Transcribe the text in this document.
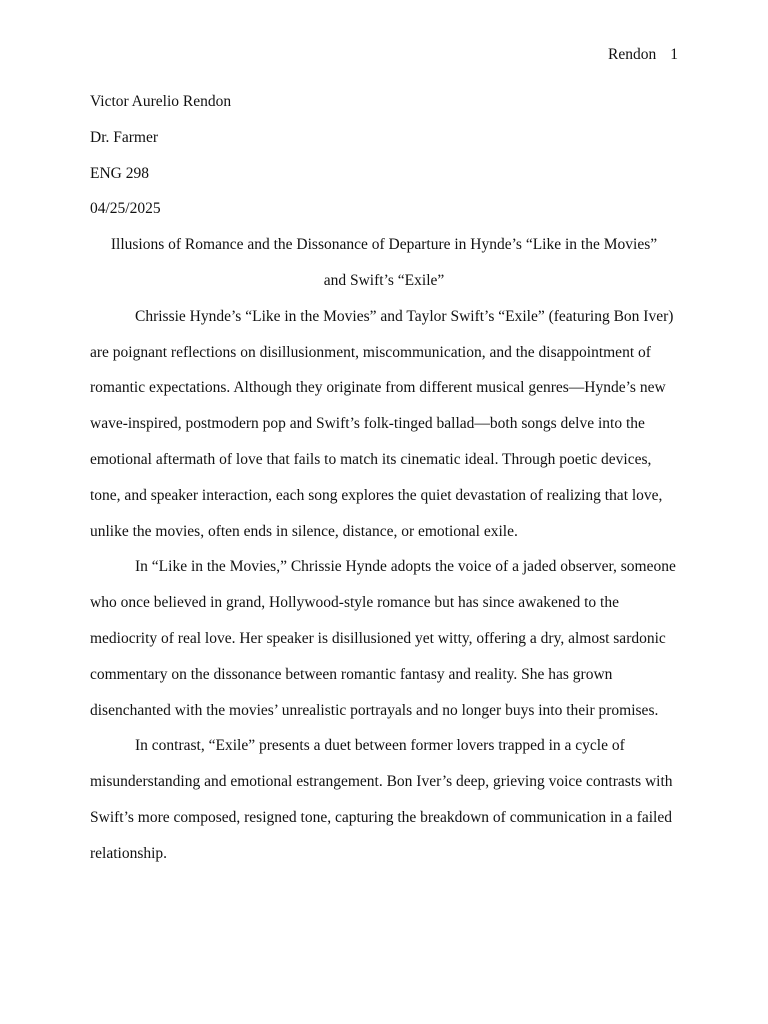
Rendon 1

Victor Aurelio Rendon

Dr. Farmer

ENG 298

04/25/2025

Illusions of Romance and the Dissonance of Departure in Hynde’s “Like in the Movies”

and Swift’s “Exile”

Chrissie Hynde’s “Like in the Movies” and Taylor Swift’s “Exile” (featuring Bon Iver) are poignant reflections on disillusionment, miscommunication, and the disappointment of romantic expectations. Although they originate from different musical genres—Hynde’s new wave-inspired, postmodern pop and Swift’s folk-tinged ballad—both songs delve into the emotional aftermath of love that fails to match its cinematic ideal. Through poetic devices, tone, and speaker interaction, each song explores the quiet devastation of realizing that love, unlike the movies, often ends in silence, distance, or emotional exile.

In “Like in the Movies,” Chrissie Hynde adopts the voice of a jaded observer, someone who once believed in grand, Hollywood-style romance but has since awakened to the mediocrity of real love. Her speaker is disillusioned yet witty, offering a dry, almost sardonic commentary on the dissonance between romantic fantasy and reality. She has grown disenchanted with the movies’ unrealistic portrayals and no longer buys into their promises.

In contrast, “Exile” presents a duet between former lovers trapped in a cycle of misunderstanding and emotional estrangement. Bon Iver’s deep, grieving voice contrasts with Swift’s more composed, resigned tone, capturing the breakdown of communication in a failed relationship.
